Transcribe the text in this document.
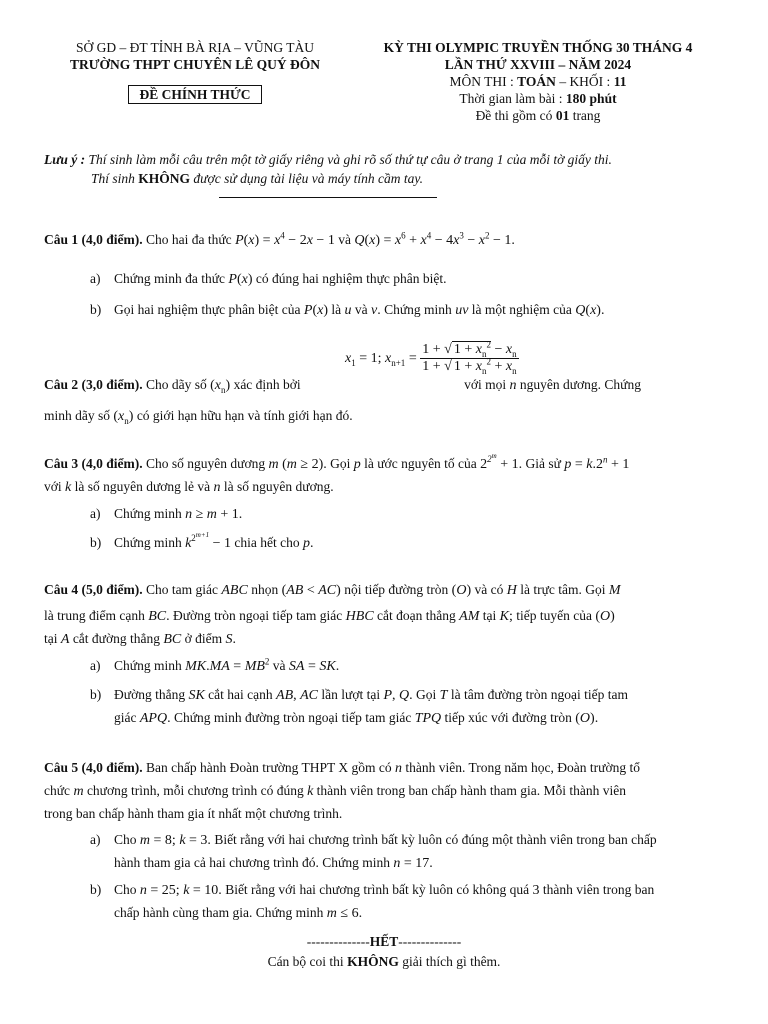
SỞ GD – ĐT TỈNH BÀ RỊA – VŨNG TÀU
TRƯỜNG THPT CHUYÊN LÊ QUÝ ĐÔN
ĐỀ CHÍNH THỨC
KỲ THI OLYMPIC TRUYỀN THỐNG 30 THÁNG 4
LẦN THỨ XXVIII – NĂM 2024
MÔN THI : TOÁN – KHỐI : 11
Thời gian làm bài : 180 phút
Đề thi gồm có 01 trang
Lưu ý : Thí sinh làm mỗi câu trên một tờ giấy riêng và ghi rõ số thứ tự câu ở trang 1 của mỗi tờ giấy thi.
Thí sinh KHÔNG được sử dụng tài liệu và máy tính cầm tay.
Câu 1 (4,0 điểm). Cho hai đa thức $P(x) = x^4 - 2x - 1$ và $Q(x) = x^6 + x^4 - 4x^3 - x^2 - 1$.
a) Chứng minh đa thức P(x) có đúng hai nghiệm thực phân biệt.
b) Gọi hai nghiệm thực phân biệt của P(x) là u và v. Chứng minh uv là một nghiệm của Q(x).
$x_1 = 1$; $x_{n+1} = \frac{1 + √ 1 + x_n^2 - x_n}{1 + √ 1 + x_n^2 + x_n}$
Câu 2 (3,0 điểm). Cho dãy số $(x_n)$ xác định bởi	với mọi n nguyên dương. Chứng
minh dãy số $(x_n)$ có giới hạn hữu hạn và tính giới hạn đó.
Câu 3 (4,0 điểm). Cho số nguyên dương m (m ≥ 2). Gọi p là ước nguyên tố của $2^{2^m} + 1$. Giả sử $p = k.2^n + 1$
với k là số nguyên dương lẻ và n là số nguyên dương.
a) Chứng minh n ≥ m + 1.
b) Chứng minh $k^{2^{m+1}} - 1$ chia hết cho p.
Câu 4 (5,0 điểm). Cho tam giác ABC nhọn (AB < AC) nội tiếp đường tròn (O) và có H là trực tâm. Gọi M
là trung điểm cạnh BC. Đường tròn ngoại tiếp tam giác HBC cắt đoạn thẳng AM tại K; tiếp tuyến của (O)
tại A cắt đường thẳng BC ở điểm S.
a) Chứng minh $MK.MA = MB^2$ và SA = SK.
b) Đường thẳng SK cắt hai cạnh AB, AC lần lượt tại P, Q. Gọi T là tâm đường tròn ngoại tiếp tam
giác APQ. Chứng minh đường tròn ngoại tiếp tam giác TPQ tiếp xúc với đường tròn (O).
Câu 5 (4,0 điểm). Ban chấp hành Đoàn trường THPT X gồm có n thành viên. Trong năm học, Đoàn trường tổ
chức m chương trình, mỗi chương trình có đúng k thành viên trong ban chấp hành tham gia. Mỗi thành viên
trong ban chấp hành tham gia ít nhất một chương trình.
a) Cho m = 8; k = 3. Biết rằng với hai chương trình bất kỳ luôn có đúng một thành viên trong ban chấp
hành tham gia cả hai chương trình đó. Chứng minh n = 17.
b) Cho n = 25; k = 10. Biết rằng với hai chương trình bất kỳ luôn có không quá 3 thành viên trong ban
chấp hành cùng tham gia. Chứng minh m ≤ 6.
--------------HẾT--------------
Cán bộ coi thi KHÔNG giải thích gì thêm.
